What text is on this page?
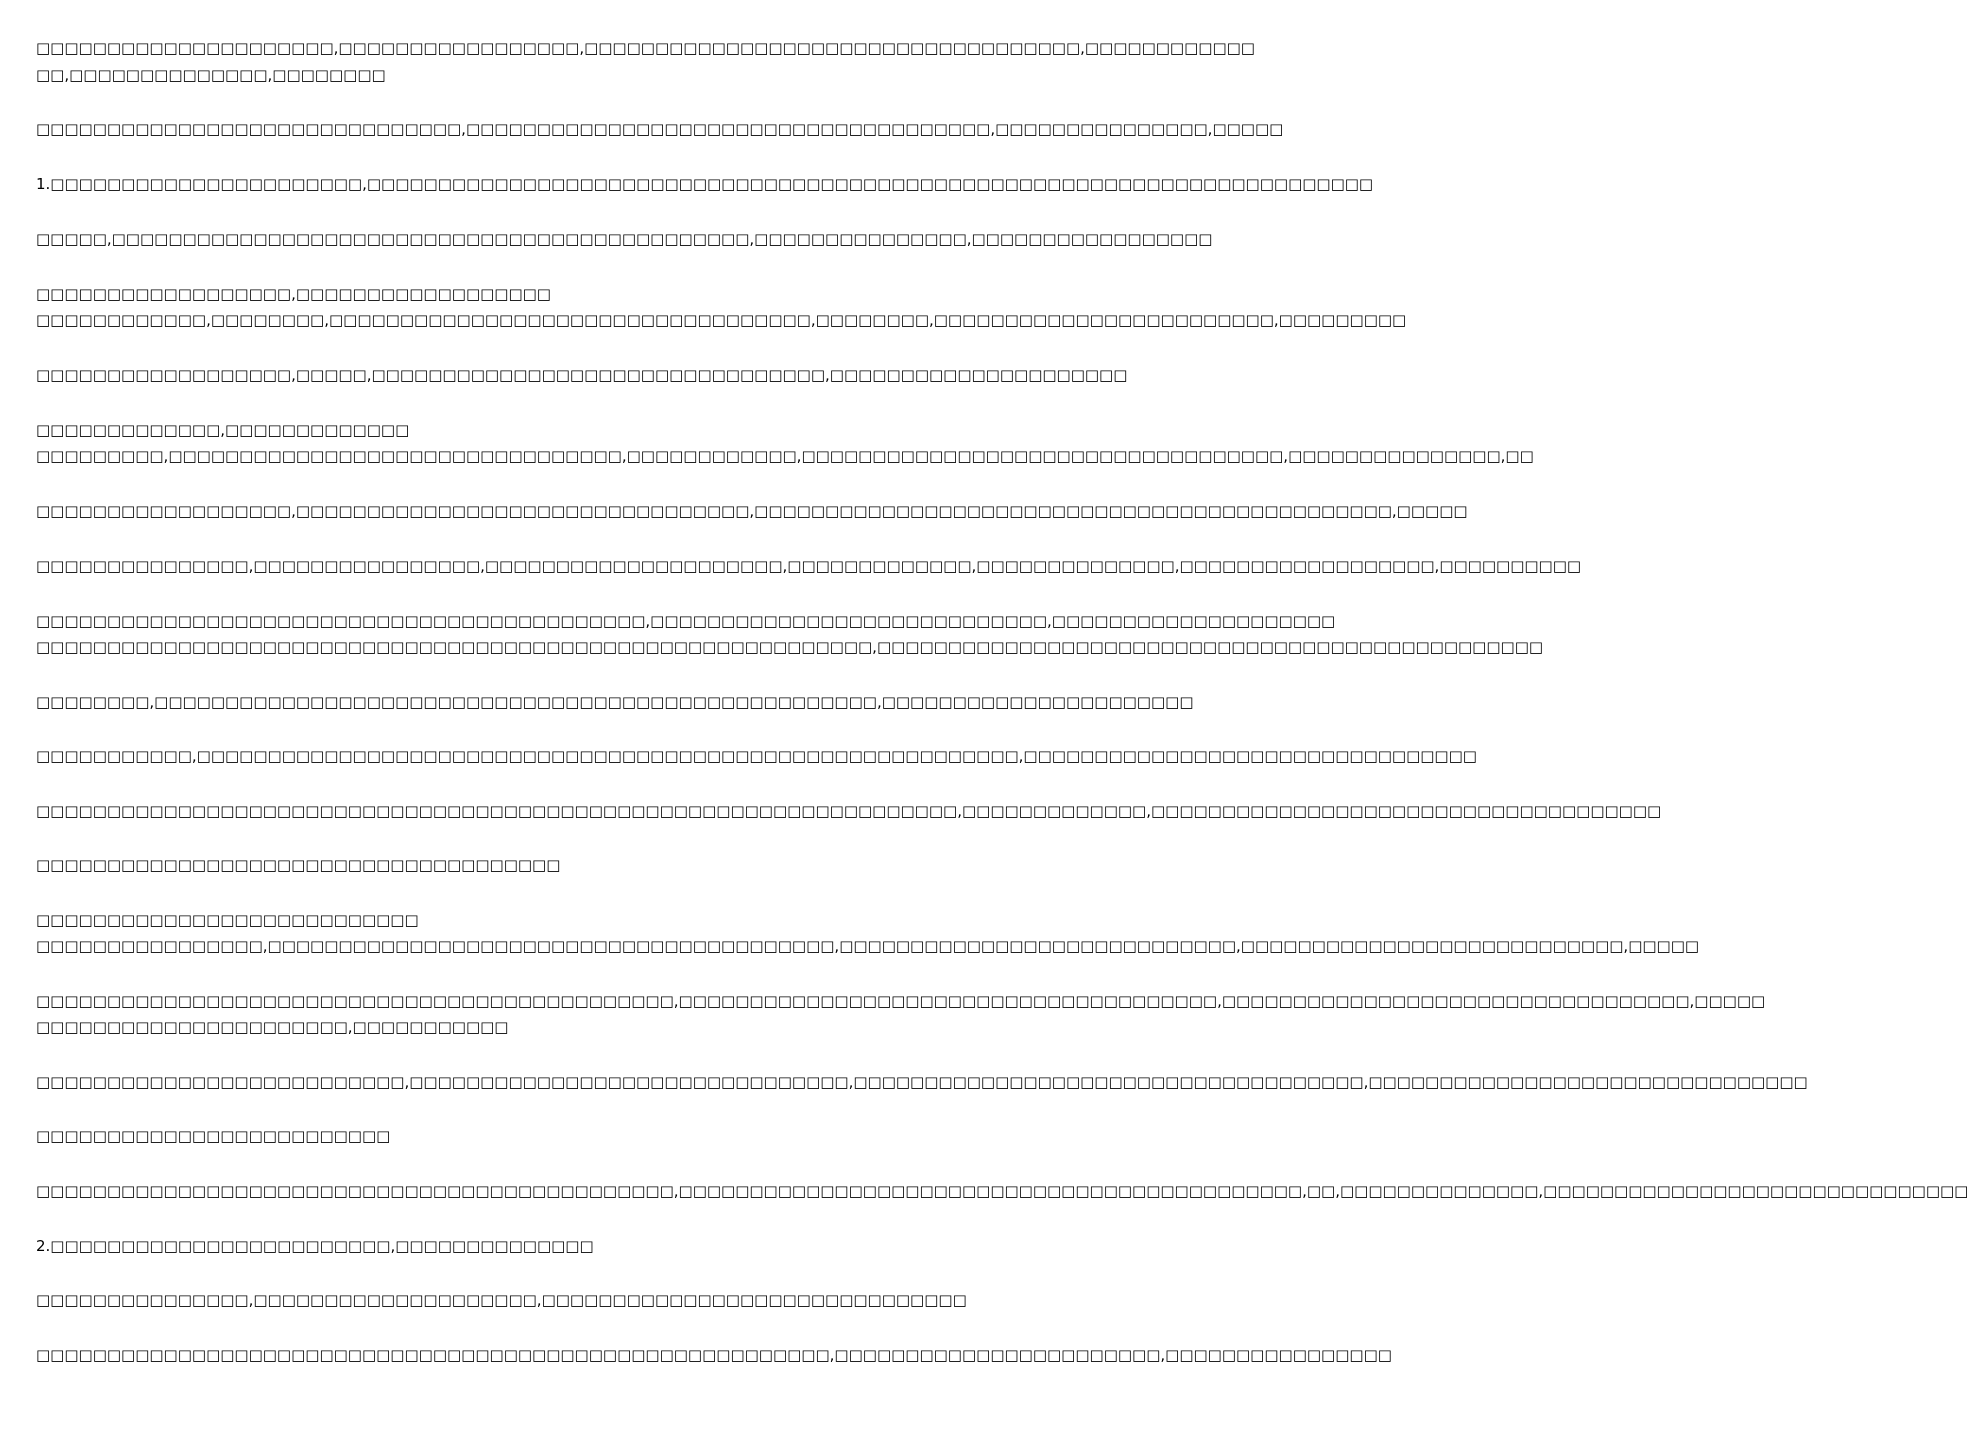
□□□□□□□□□□□□□□□□□□□□□,□□□□□□□□□□□□□□□□□,□□□□□□□□□□□□□□□□□□□□□□□□□□□□□□□□□□□,□□□□□□□□□□□□
□□,□□□□□□□□□□□□□□,□□□□□□□□
□□□□□□□□□□□□□□□□□□□□□□□□□□□□□□,□□□□□□□□□□□□□□□□□□□□□□□□□□□□□□□□□□□□□,□□□□□□□□□□□□□□□,□□□□□
1.□□□□□□□□□□□□□□□□□□□□□□,□□□□□□□□□□□□□□□□□□□□□□□□□□□□□□□□□□□□□□□□□□□□□□□□□□□□□□□□□□□□□□□□□□□□□□□
□□□□□,□□□□□□□□□□□□□□□□□□□□□□□□□□□□□□□□□□□□□□□□□□□□□,□□□□□□□□□□□□□□□,□□□□□□□□□□□□□□□□□
□□□□□□□□□□□□□□□□□□,□□□□□□□□□□□□□□□□□□
□□□□□□□□□□□□,□□□□□□□□,□□□□□□□□□□□□□□□□□□□□□□□□□□□□□□□□□□,□□□□□□□□,□□□□□□□□□□□□□□□□□□□□□□□□,□□□□□□□□□
□□□□□□□□□□□□□□□□□□,□□□□□,□□□□□□□□□□□□□□□□□□□□□□□□□□□□□□□□,□□□□□□□□□□□□□□□□□□□□□
□□□□□□□□□□□□□,□□□□□□□□□□□□□
□□□□□□□□□,□□□□□□□□□□□□□□□□□□□□□□□□□□□□□□□□,□□□□□□□□□□□□,□□□□□□□□□□□□□□□□□□□□□□□□□□□□□□□□□□,□□□□□□□□□□□□□□□,□□
□□□□□□□□□□□□□□□□□□,□□□□□□□□□□□□□□□□□□□□□□□□□□□□□□□□,□□□□□□□□□□□□□□□□□□□□□□□□□□□□□□□□□□□□□□□□□□□□□,□□□□□
□□□□□□□□□□□□□□□,□□□□□□□□□□□□□□□□,□□□□□□□□□□□□□□□□□□□□□,□□□□□□□□□□□□□,□□□□□□□□□□□□□□,□□□□□□□□□□□□□□□□□□,□□□□□□□□□□
□□□□□□□□□□□□□□□□□□□□□□□□□□□□□□□□□□□□□□□□□□□,□□□□□□□□□□□□□□□□□□□□□□□□□□□□,□□□□□□□□□□□□□□□□□□□□
□□□□□□□□□□□□□□□□□□□□□□□□□□□□□□□□□□□□□□□□□□□□□□□□□□□□□□□□□□□,□□□□□□□□□□□□□□□□□□□□□□□□□□□□□□□□□□□□□□□□□□□□□□□
□□□□□□□□,□□□□□□□□□□□□□□□□□□□□□□□□□□□□□□□□□□□□□□□□□□□□□□□□□□□,□□□□□□□□□□□□□□□□□□□□□□
□□□□□□□□□□□,□□□□□□□□□□□□□□□□□□□□□□□□□□□□□□□□□□□□□□□□□□□□□□□□□□□□□□□□□□,□□□□□□□□□□□□□□□□□□□□□□□□□□□□□□□□
□□□□□□□□□□□□□□□□□□□□□□□□□□□□□□□□□□□□□□□□□□□□□□□□□□□□□□□□□□□□□□□□□,□□□□□□□□□□□□□,□□□□□□□□□□□□□□□□□□□□□□□□□□□□□□□□□□□□
□□□□□□□□□□□□□□□□□□□□□□□□□□□□□□□□□□□□□
□□□□□□□□□□□□□□□□□□□□□□□□□□□
□□□□□□□□□□□□□□□□,□□□□□□□□□□□□□□□□□□□□□□□□□□□□□□□□□□□□□□□□,□□□□□□□□□□□□□□□□□□□□□□□□□□□□,□□□□□□□□□□□□□□□□□□□□□□□□□□□,□□□□□
□□□□□□□□□□□□□□□□□□□□□□□□□□□□□□□□□□□□□□□□□□□□□,□□□□□□□□□□□□□□□□□□□□□□□□□□□□□□□□□□□□□□,□□□□□□□□□□□□□□□□□□□□□□□□□□□□□□□□□,□□□□□
□□□□□□□□□□□□□□□□□□□□□□,□□□□□□□□□□□
□□□□□□□□□□□□□□□□□□□□□□□□□□,□□□□□□□□□□□□□□□□□□□□□□□□□□□□□□□,□□□□□□□□□□□□□□□□□□□□□□□□□□□□□□□□□□□□,□□□□□□□□□□□□□□□□□□□□□□□□□□□□□□□
□□□□□□□□□□□□□□□□□□□□□□□□□
□□□□□□□□□□□□□□□□□□□□□□□□□□□□□□□□□□□□□□□□□□□□□,□□□□□□□□□□□□□□□□□□□□□□□□□□□□□□□□□□□□□□□□□□□□,□□,□□□□□□□□□□□□□□,□□□□□□□□□□□□□□□□□□□□□□□□□□□□□□
2.□□□□□□□□□□□□□□□□□□□□□□□□,□□□□□□□□□□□□□□
□□□□□□□□□□□□□□□,□□□□□□□□□□□□□□□□□□□□,□□□□□□□□□□□□□□□□□□□□□□□□□□□□□□
□□□□□□□□□□□□□□□□□□□□□□□□□□□□□□□□□□□□□□□□□□□□□□□□□□□□□□□□,□□□□□□□□□□□□□□□□□□□□□□□,□□□□□□□□□□□□□□□□
